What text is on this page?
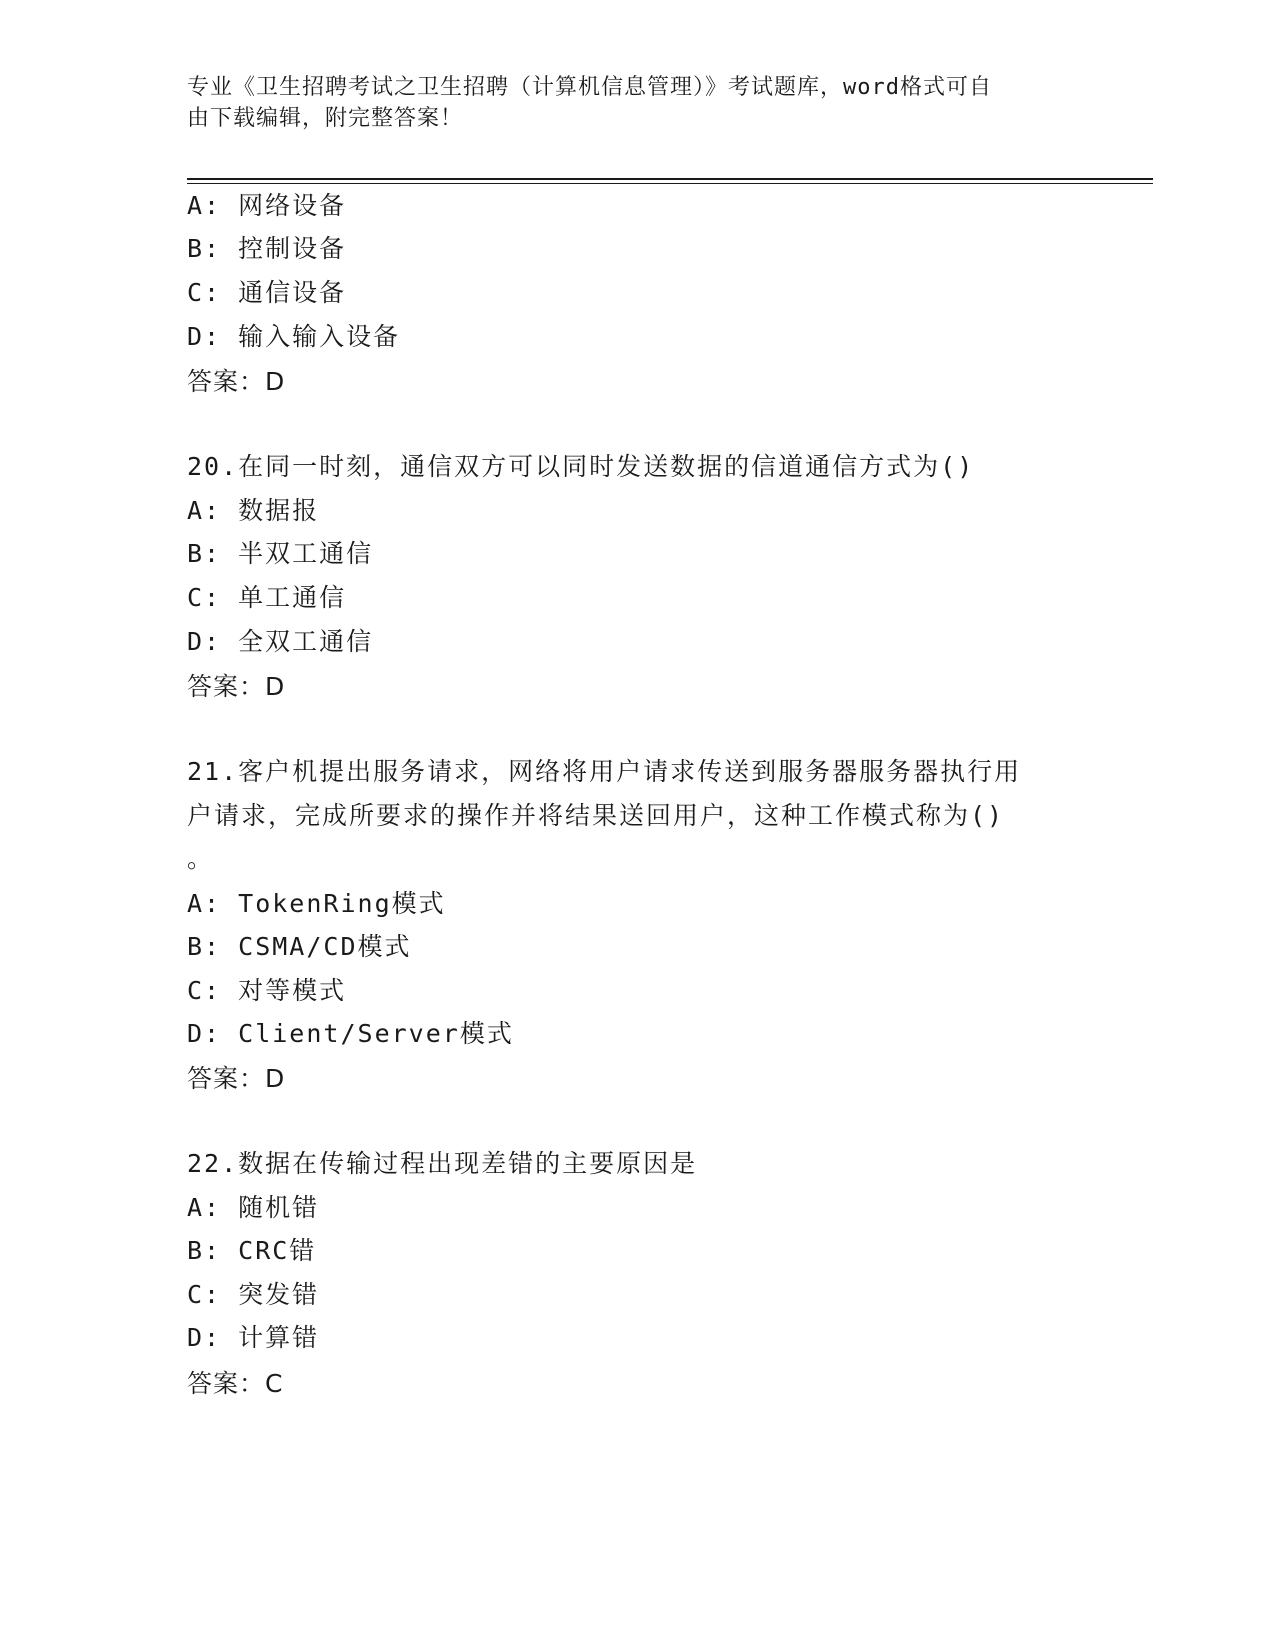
专业《卫生招聘考试之卫生招聘（计算机信息管理）》考试题库，word格式可自
由下载编辑，附完整答案！
A: 网络设备
B: 控制设备
C: 通信设备
D: 输入输入设备
答案：D
20.在同一时刻，通信双方可以同时发送数据的信道通信方式为()
A: 数据报
B: 半双工通信
C: 单工通信
D: 全双工通信
答案：D
21.客户机提出服务请求，网络将用户请求传送到服务器服务器执行用
户请求，完成所要求的操作并将结果送回用户，这种工作模式称为()
。
A: TokenRing模式
B: CSMA/CD模式
C: 对等模式
D: Client/Server模式
答案：D
22.数据在传输过程出现差错的主要原因是
A: 随机错
B: CRC错
C: 突发错
D: 计算错
答案：C
